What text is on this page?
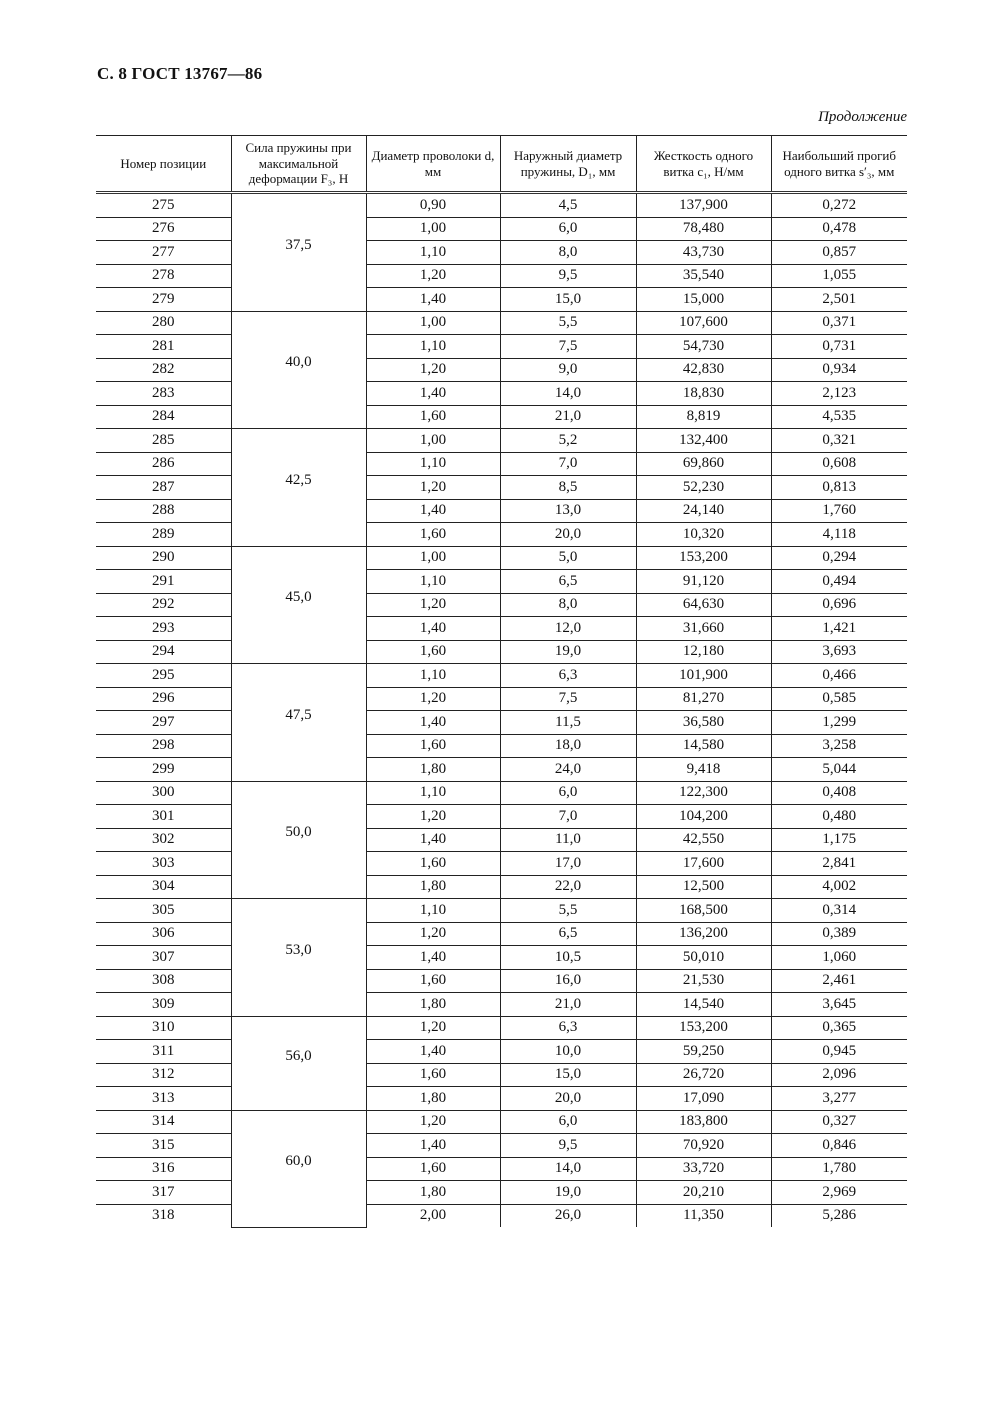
С. 8 ГОСТ 13767—86
Продолжение
Номер позиции	Сила пружины при максимальной деформации F₃, Н	Диаметр проволоки d, мм	Наружный диаметр пружины, D₁, мм	Жесткость одного витка c₁, Н/мм	Наибольший прогиб одного витка s′₃, мм
275	37,5	0,90	4,5	137,900	0,272
276		1,00	6,0	78,480	0,478
277		1,10	8,0	43,730	0,857
278		1,20	9,5	35,540	1,055
279		1,40	15,0	15,000	2,501
280	40,0	1,00	5,5	107,600	0,371
281		1,10	7,5	54,730	0,731
282		1,20	9,0	42,830	0,934
283		1,40	14,0	18,830	2,123
284		1,60	21,0	8,819	4,535
285	42,5	1,00	5,2	132,400	0,321
286		1,10	7,0	69,860	0,608
287		1,20	8,5	52,230	0,813
288		1,40	13,0	24,140	1,760
289		1,60	20,0	10,320	4,118
290	45,0	1,00	5,0	153,200	0,294
291		1,10	6,5	91,120	0,494
292		1,20	8,0	64,630	0,696
293		1,40	12,0	31,660	1,421
294		1,60	19,0	12,180	3,693
295	47,5	1,10	6,3	101,900	0,466
296		1,20	7,5	81,270	0,585
297		1,40	11,5	36,580	1,299
298		1,60	18,0	14,580	3,258
299		1,80	24,0	9,418	5,044
300	50,0	1,10	6,0	122,300	0,408
301		1,20	7,0	104,200	0,480
302		1,40	11,0	42,550	1,175
303		1,60	17,0	17,600	2,841
304		1,80	22,0	12,500	4,002
305	53,0	1,10	5,5	168,500	0,314
306		1,20	6,5	136,200	0,389
307		1,40	10,5	50,010	1,060
308		1,60	16,0	21,530	2,461
309		1,80	21,0	14,540	3,645
310	56,0	1,20	6,3	153,200	0,365
311		1,40	10,0	59,250	0,945
312		1,60	15,0	26,720	2,096
313		1,80	20,0	17,090	3,277
314	60,0	1,20	6,0	183,800	0,327
315		1,40	9,5	70,920	0,846
316		1,60	14,0	33,720	1,780
317		1,80	19,0	20,210	2,969
318		2,00	26,0	11,350	5,286
